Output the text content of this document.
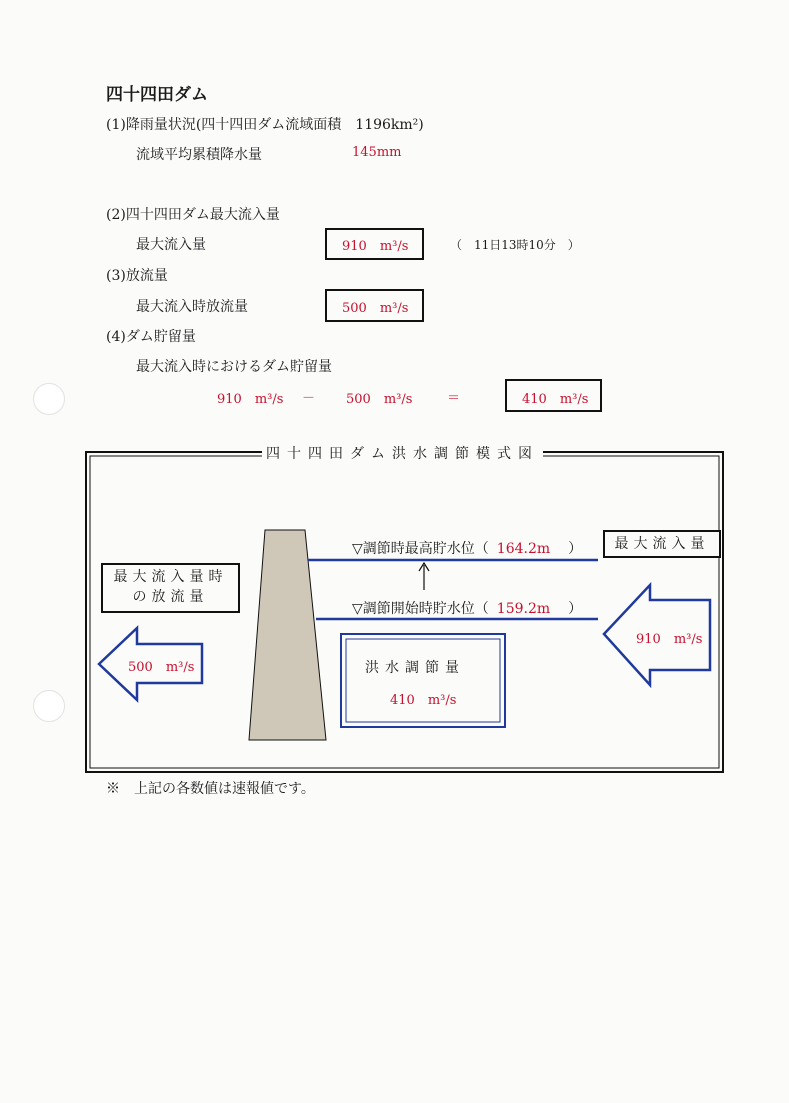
四十四田ダム
(1)降雨量状況(四十四田ダム流域面積　1196km²)
流域平均累積降水量	145mm
(2)四十四田ダム最大流入量
最大流入量	910　m³/s	（　11日13時10分　）
(3)放流量
最大流入時放流量	500　m³/s
(4)ダム貯留量
最大流入時におけるダム貯留量
910　m³/s － 500　m³/s	＝	410　m³/s
四十四田ダム洪水調節模式図
▽調節時最高貯水位（ 164.2m ）
▽調節開始時貯水位（ 159.2m ）
最大流入量
910　m³/s
最大流入量時
の放流量
500　m³/s	洪水調節量
410　m³/s
※　上記の各数値は速報値です。
